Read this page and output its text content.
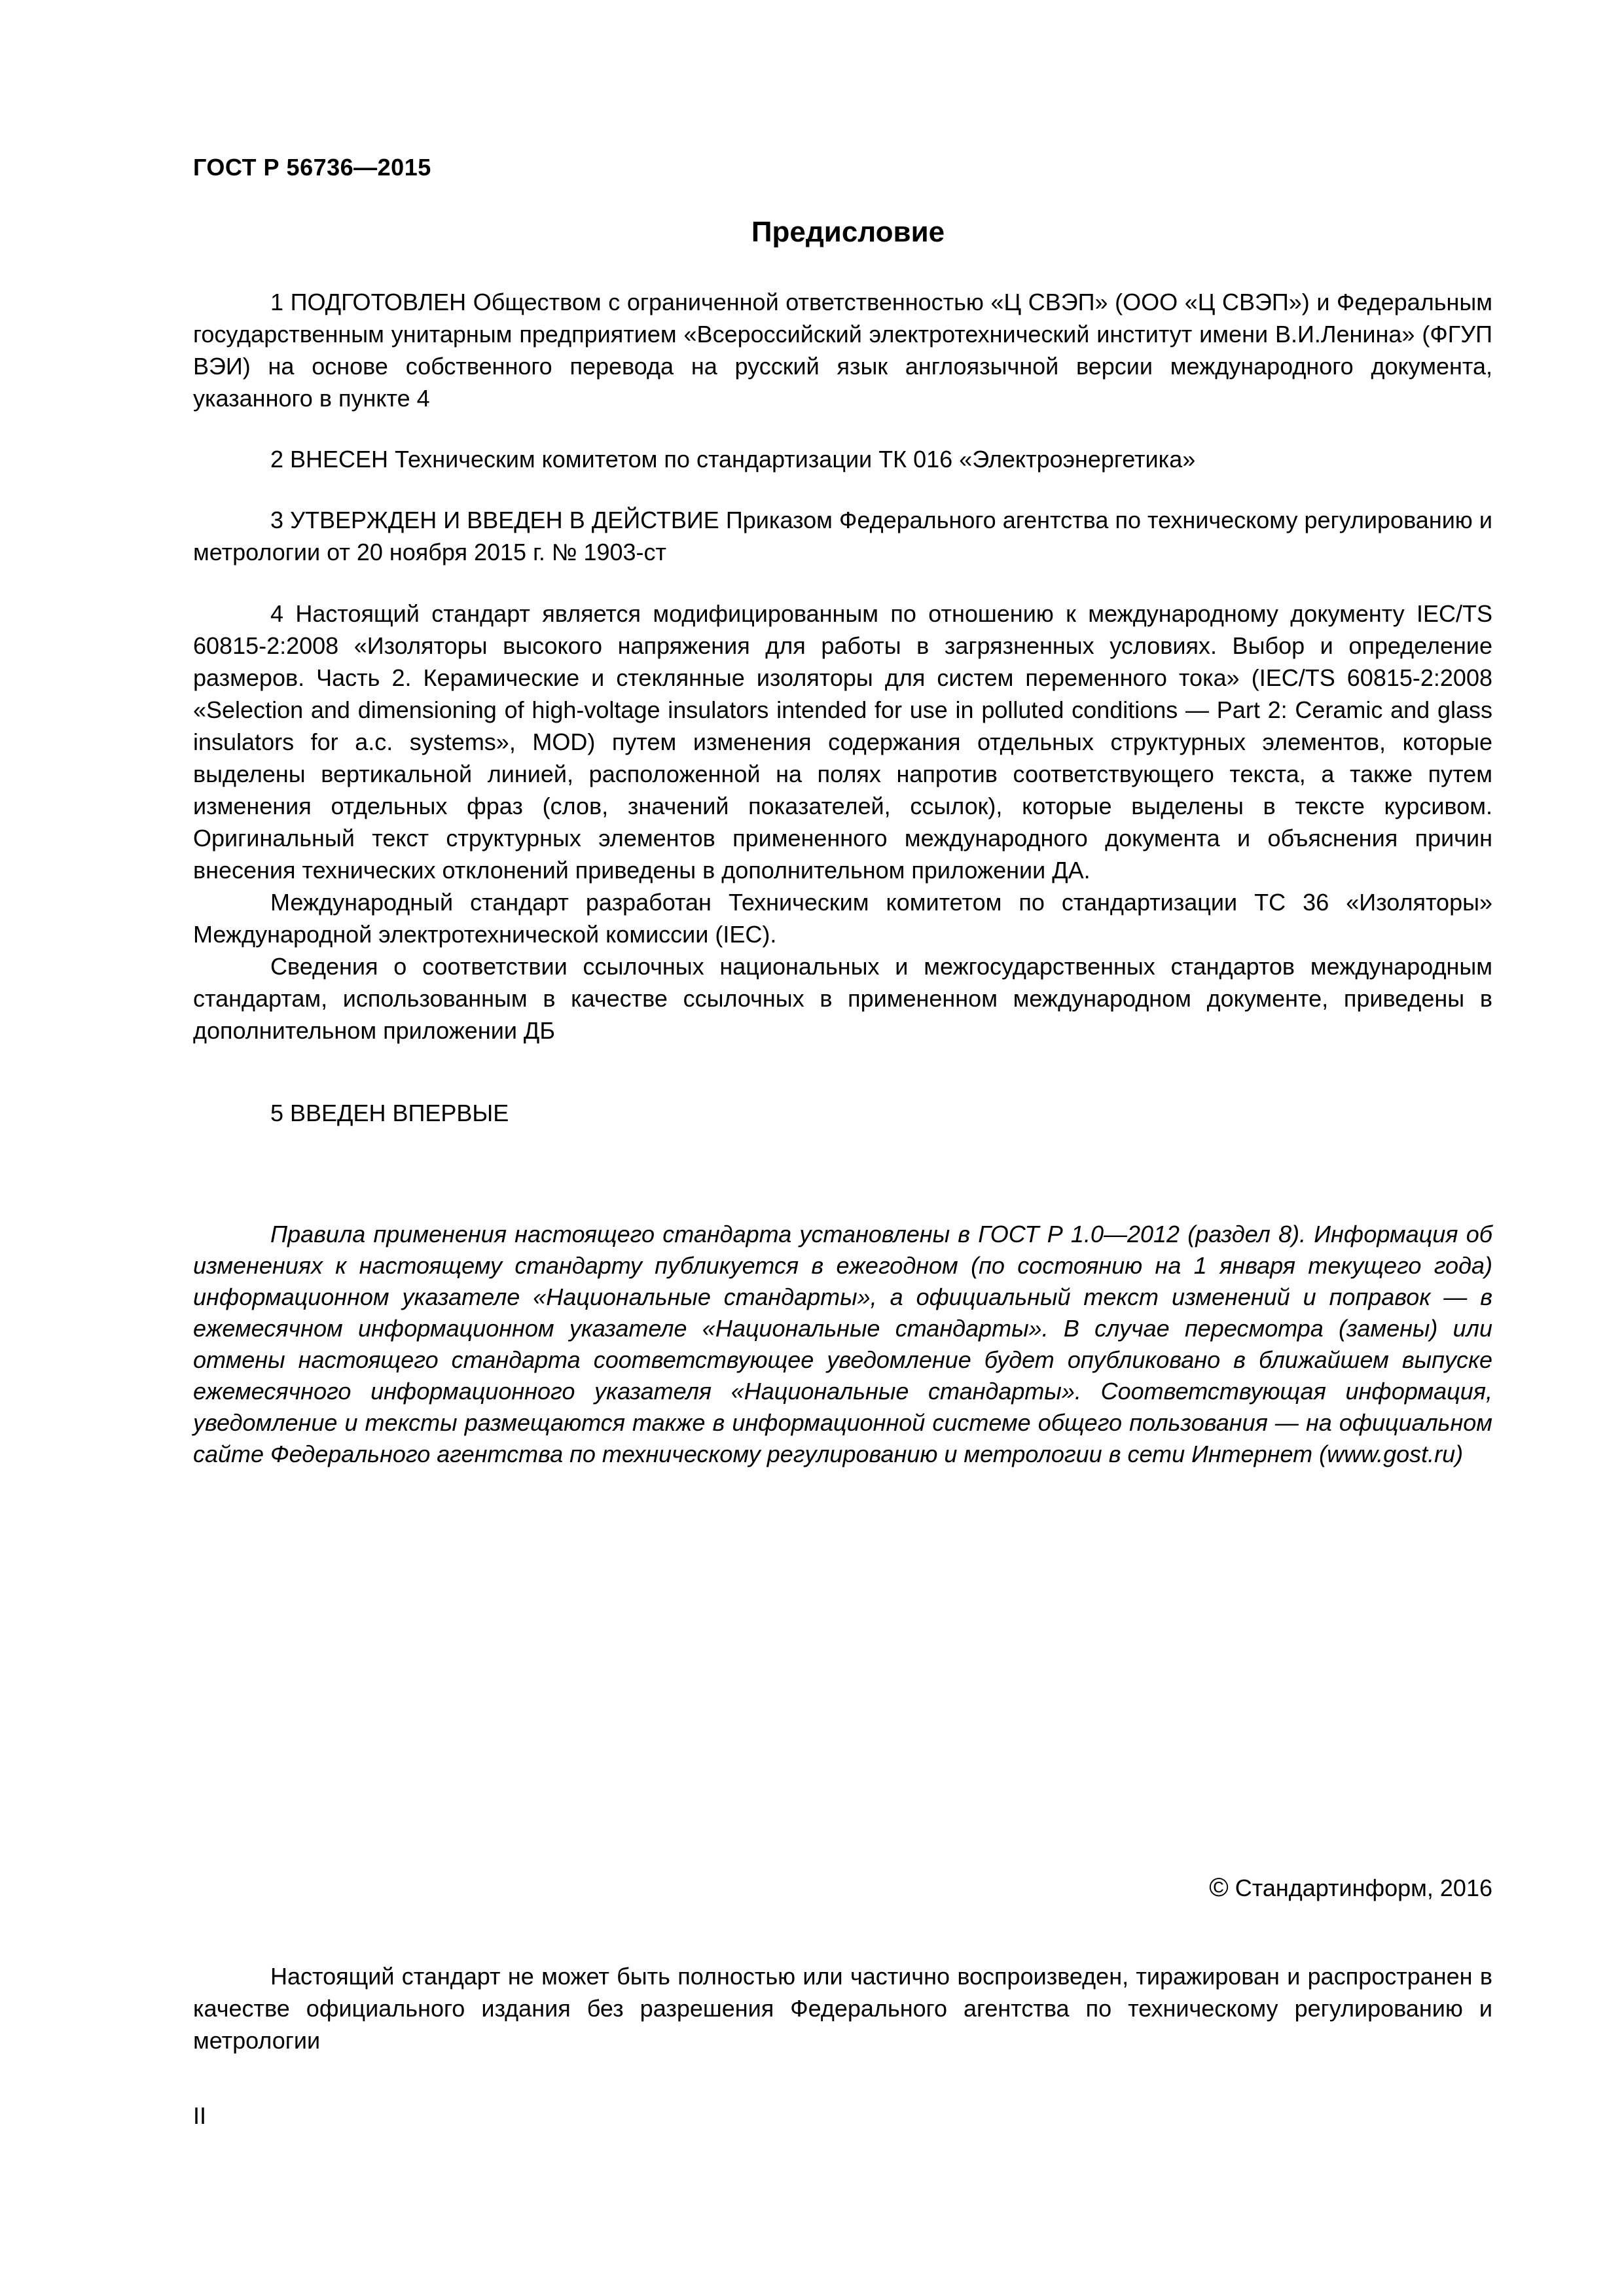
ГОСТ Р 56736—2015
Предисловие

1 ПОДГОТОВЛЕН Обществом с ограниченной ответственностью «Ц СВЭП» (ООО «Ц СВЭП») и Федеральным государственным унитарным предприятием «Всероссийский электротехнический институт имени В.И.Ленина» (ФГУП ВЭИ) на основе собственного перевода на русский язык англоязычной версии международного документа, указанного в пункте 4

2 ВНЕСЕН Техническим комитетом по стандартизации ТК 016 «Электроэнергетика»

3 УТВЕРЖДЕН И ВВЕДЕН В ДЕЙСТВИЕ Приказом Федерального агентства по техническому регулированию и метрологии от 20 ноября 2015 г. № 1903-ст

4 Настоящий стандарт является модифицированным по отношению к международному документу IEC/TS 60815-2:2008 «Изоляторы высокого напряжения для работы в загрязненных условиях. Выбор и определение размеров. Часть 2. Керамические и стеклянные изоляторы для систем переменного тока» (IEC/TS 60815-2:2008 «Selection and dimensioning of high-voltage insulators intended for use in polluted conditions — Part 2: Ceramic and glass insulators for a.c. systems», MOD) путем изменения содержания отдельных структурных элементов, которые выделены вертикальной линией, расположенной на полях напротив соответствующего текста, а также путем изменения отдельных фраз (слов, значений показателей, ссылок), которые выделены в тексте курсивом. Оригинальный текст структурных элементов примененного международного документа и объяснения причин внесения технических отклонений приведены в дополнительном приложении ДА.

Международный стандарт разработан Техническим комитетом по стандартизации ТС 36 «Изоляторы» Международной электротехнической комиссии (IEC).

Сведения о соответствии ссылочных национальных и межгосударственных стандартов международным стандартам, использованным в качестве ссылочных в примененном международном документе, приведены в дополнительном приложении ДБ

5 ВВЕДЕН ВПЕРВЫЕ

Правила применения настоящего стандарта установлены в ГОСТ Р 1.0—2012 (раздел 8). Информация об изменениях к настоящему стандарту публикуется в ежегодном (по состоянию на 1 января текущего года) информационном указателе «Национальные стандарты», а официальный текст изменений и поправок — в ежемесячном информационном указателе «Национальные стандарты». В случае пересмотра (замены) или отмены настоящего стандарта соответствующее уведомление будет опубликовано в ближайшем выпуске ежемесячного информационного указателя «Национальные стандарты». Соответствующая информация, уведомление и тексты размещаются также в информационной системе общего пользования — на официальном сайте Федерального агентства по техническому регулированию и метрологии в сети Интернет (www.gost.ru)

© Стандартинформ, 2016

Настоящий стандарт не может быть полностью или частично воспроизведен, тиражирован и распространен в качестве официального издания без разрешения Федерального агентства по техническому регулированию и метрологии

II
